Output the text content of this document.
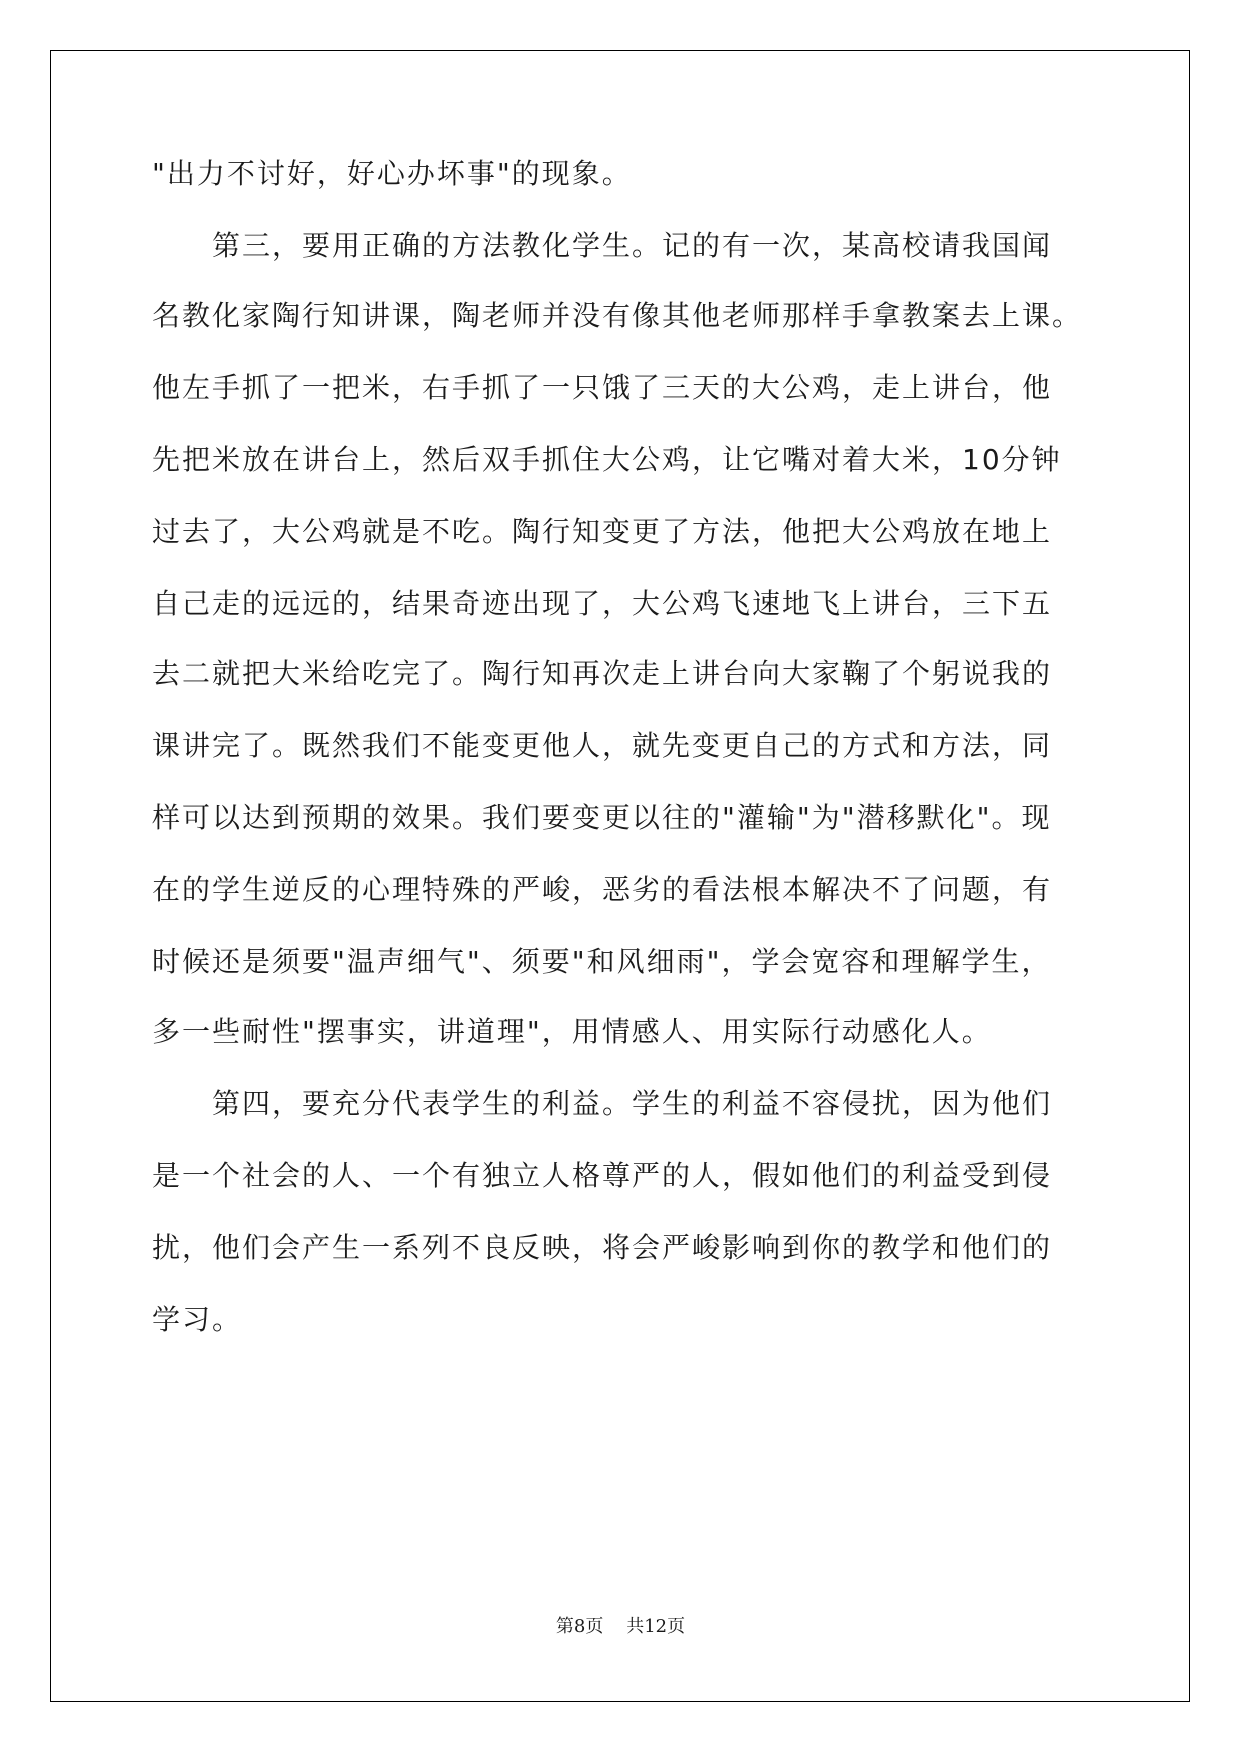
"出力不讨好，好心办坏事"的现象。
第三，要用正确的方法教化学生。记的有一次，某高校请我国闻
名教化家陶行知讲课，陶老师并没有像其他老师那样手拿教案去上课。
他左手抓了一把米，右手抓了一只饿了三天的大公鸡，走上讲台，他
先把米放在讲台上，然后双手抓住大公鸡，让它嘴对着大米，10分钟
过去了，大公鸡就是不吃。陶行知变更了方法，他把大公鸡放在地上
自己走的远远的，结果奇迹出现了，大公鸡飞速地飞上讲台，三下五
去二就把大米给吃完了。陶行知再次走上讲台向大家鞠了个躬说我的
课讲完了。既然我们不能变更他人，就先变更自己的方式和方法，同
样可以达到预期的效果。我们要变更以往的"灌输"为"潜移默化"。现
在的学生逆反的心理特殊的严峻，恶劣的看法根本解决不了问题，有
时候还是须要"温声细气"、须要"和风细雨"，学会宽容和理解学生，
多一些耐性"摆事实，讲道理"，用情感人、用实际行动感化人。
第四，要充分代表学生的利益。学生的利益不容侵扰，因为他们
是一个社会的人、一个有独立人格尊严的人，假如他们的利益受到侵
扰，他们会产生一系列不良反映，将会严峻影响到你的教学和他们的
学习。
第8页 共12页
